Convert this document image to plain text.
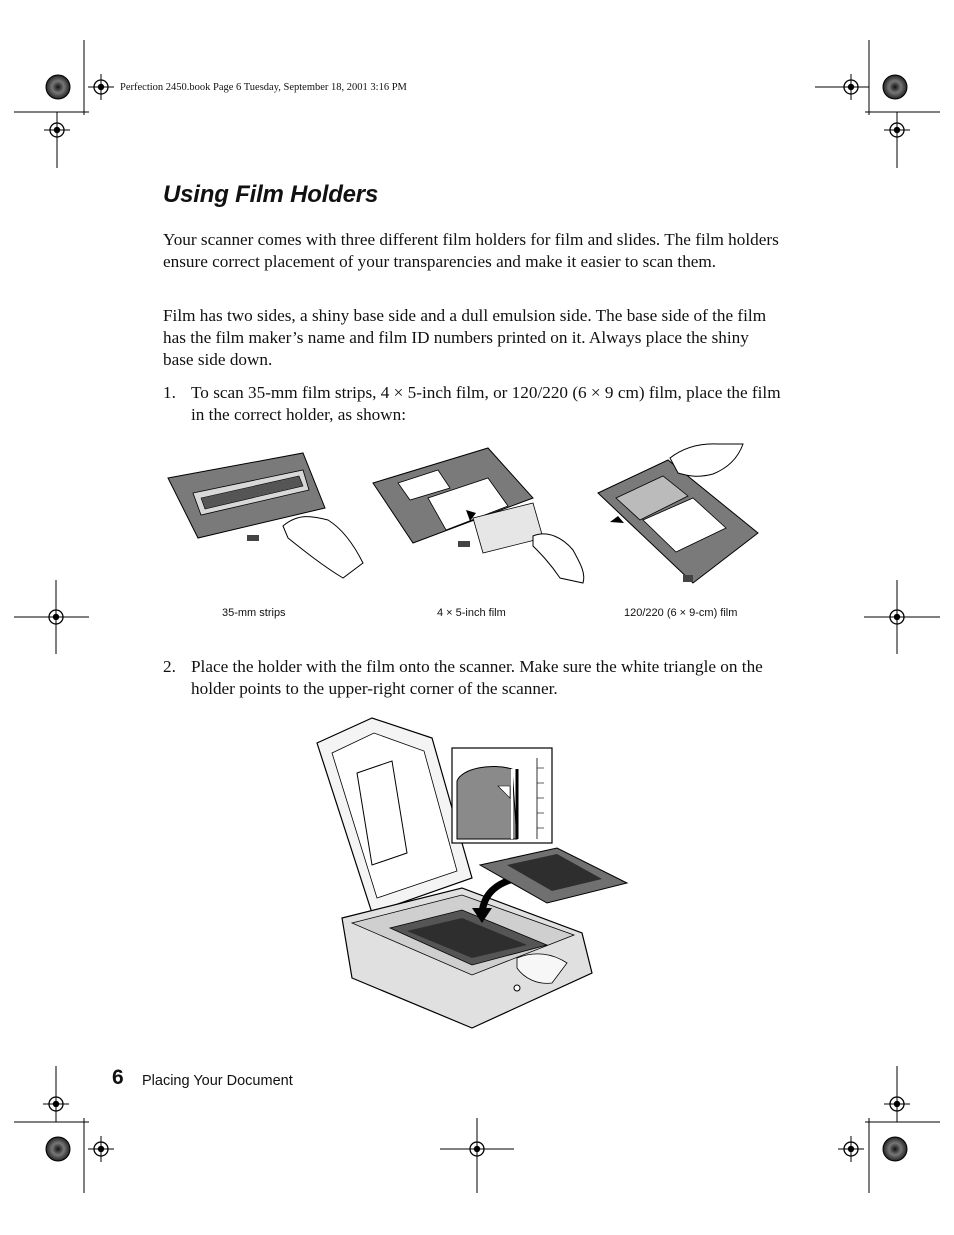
Perfection 2450.book Page 6 Tuesday, September 18, 2001 3:16 PM
Using Film Holders

Your scanner comes with three different film holders for film and slides. The film holders ensure correct placement of your transparencies and make it easier to scan them.

Film has two sides, a shiny base side and a dull emulsion side. The base side of the film has the film maker’s name and film ID numbers printed on it. Always place the shiny base side down.

1. To scan 35-mm film strips, 4 × 5-inch film, or 120/220 (6 × 9 cm) film, place the film in the correct holder, as shown:
35-mm strips	4 × 5-inch film	120/220 (6 × 9-cm) film
2. Place the holder with the film onto the scanner. Make sure the white triangle on the holder points to the upper-right corner of the scanner.
6 Placing Your Document
